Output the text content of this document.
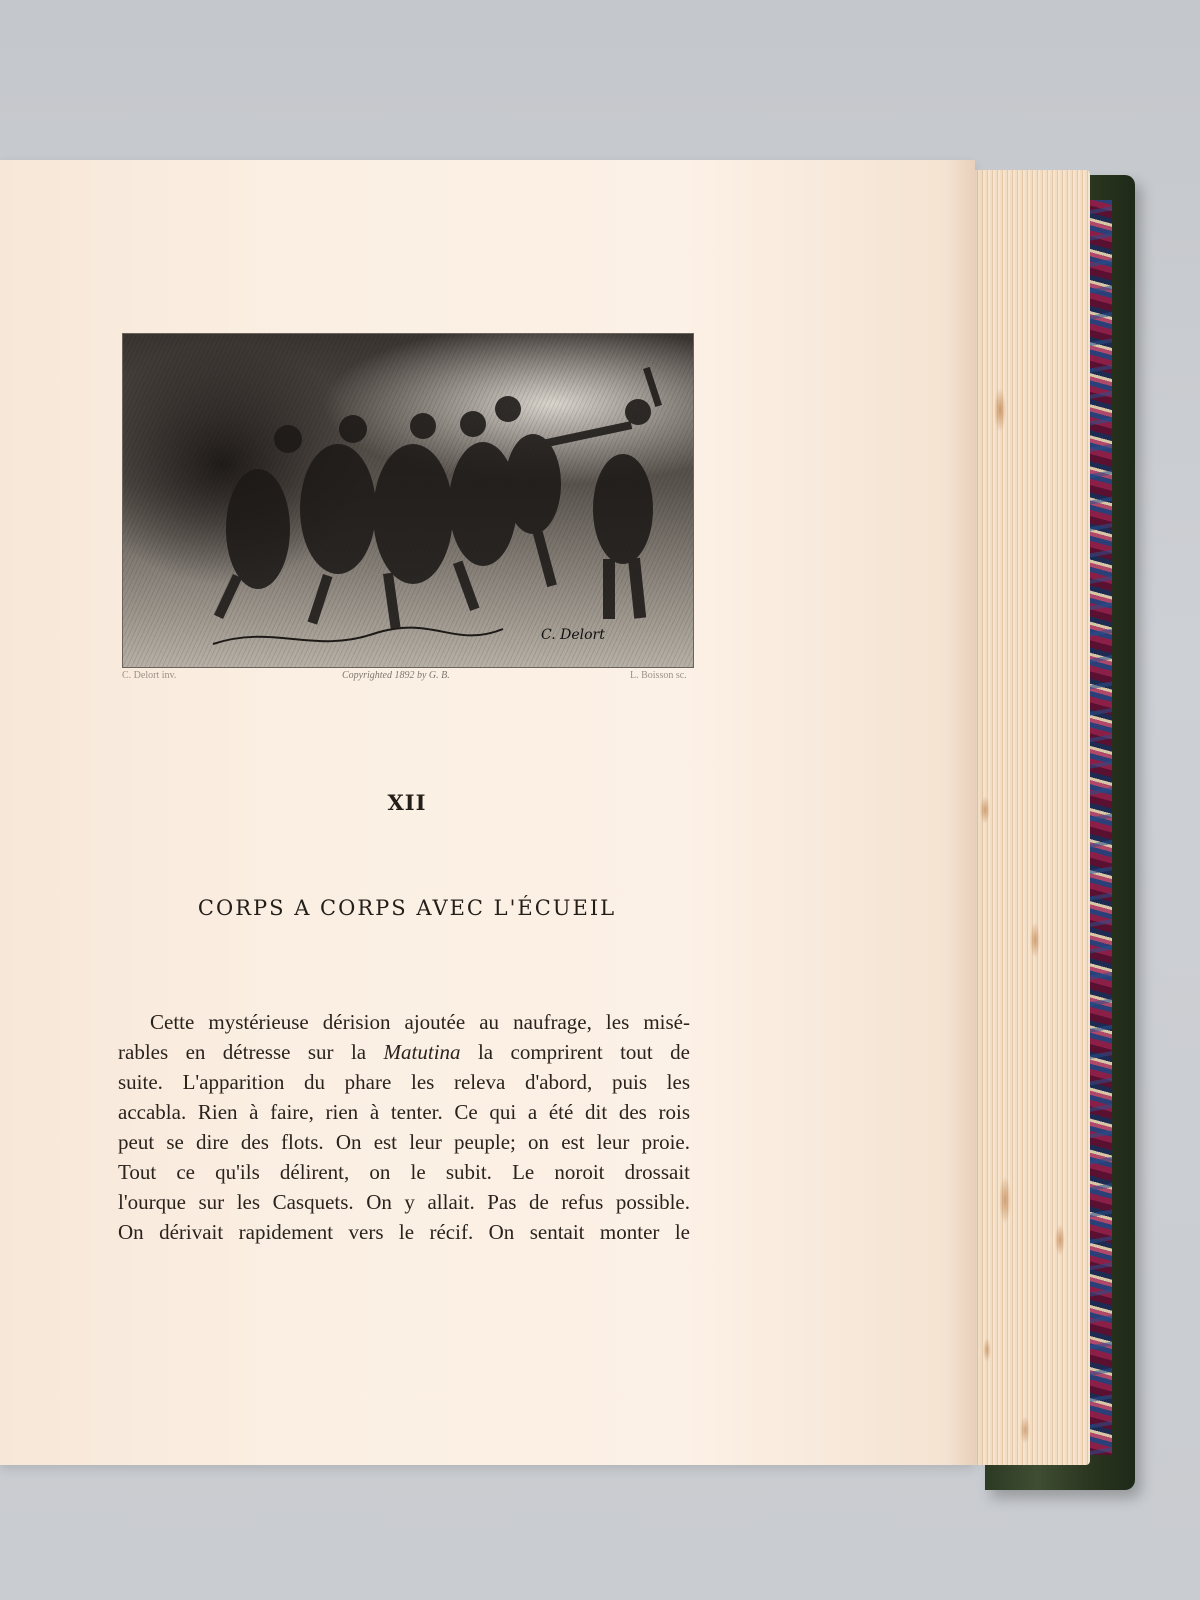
C. Delort
C. Delort inv.	Copyrighted 1892 by G. B.	L. Boisson sc.
XII
CORPS A CORPS AVEC L'ÉCUEIL
Cette mystérieuse dérision ajoutée au naufrage, les misé-
rables en détresse sur la Matutina la comprirent tout de
suite. L'apparition du phare les releva d'abord, puis les
accabla. Rien à faire, rien à tenter. Ce qui a été dit des rois
peut se dire des flots. On est leur peuple; on est leur proie.
Tout ce qu'ils délirent, on le subit. Le noroit drossait
l'ourque sur les Casquets. On y allait. Pas de refus possible.
On dérivait rapidement vers le récif. On sentait monter le
